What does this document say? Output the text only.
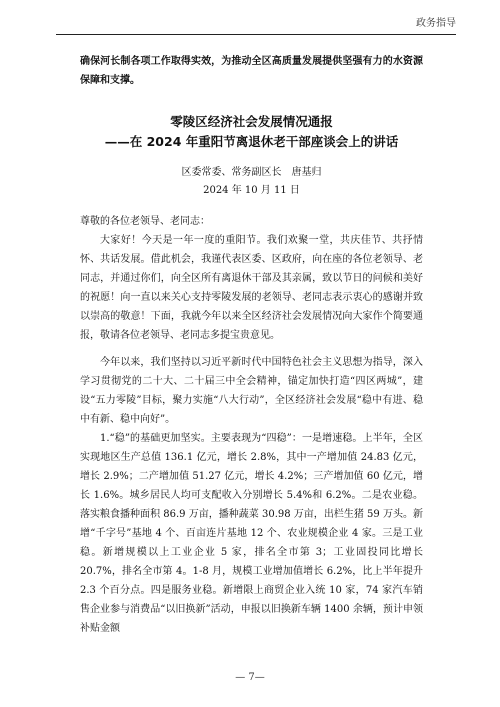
政务指导

确保河长制各项工作取得实效，为推动全区高质量发展提供坚强有力的水资源保障和支撑。

零陵区经济社会发展情况通报
——在 2024 年重阳节离退休老干部座谈会上的讲话
区委常委、常务副区长　唐基归
2024 年 10 月 11 日
尊敬的各位老领导、老同志：

大家好！今天是一年一度的重阳节。我们欢聚一堂，共庆佳节、共抒情怀、共话发展。借此机会，我谨代表区委、区政府，向在座的各位老领导、老同志，并通过你们，向全区所有离退休干部及其亲属，致以节日的问候和美好的祝愿！向一直以来关心支持零陵发展的老领导、老同志表示衷心的感谢并致以崇高的敬意！下面，我就今年以来全区经济社会发展情况向大家作个简要通报，敬请各位老领导、老同志多提宝贵意见。

今年以来，我们坚持以习近平新时代中国特色社会主义思想为指导，深入学习贯彻党的二十大、二十届三中全会精神，锚定加快打造“四区两城”，建设“五力零陵”目标，聚力实施“八大行动”，全区经济社会发展“稳中有进、稳中有新、稳中向好”。

1.“稳”的基础更加坚实。主要表现为“四稳”：一是增速稳。上半年，全区实现地区生产总值 136.1 亿元，增长 2.8%，其中一产增加值 24.83 亿元，增长 2.9%；二产增加值 51.27 亿元，增长 4.2%；三产增加值 60 亿元，增长 1.6%。城乡居民人均可支配收入分别增长 5.4%和 6.2%。二是农业稳。落实粮食播种面积 86.9 万亩，播种蔬菜 30.98 万亩，出栏生猪 59 万头。新增“千字号”基地 4 个、百亩连片基地 12 个、农业规模企业 4 家。三是工业稳。新增规模以上工业企业 5 家，排名全市第 3；工业固投同比增长 20.7%，排名全市第 4。1-8 月，规模工业增加值增长 6.2%，比上半年提升 2.3 个百分点。四是服务业稳。新增限上商贸企业入统 10 家，74 家汽车销售企业参与消费品“以旧换新”活动，申报以旧换新车辆 1400 余辆，预计申领补贴金额

— 7—
